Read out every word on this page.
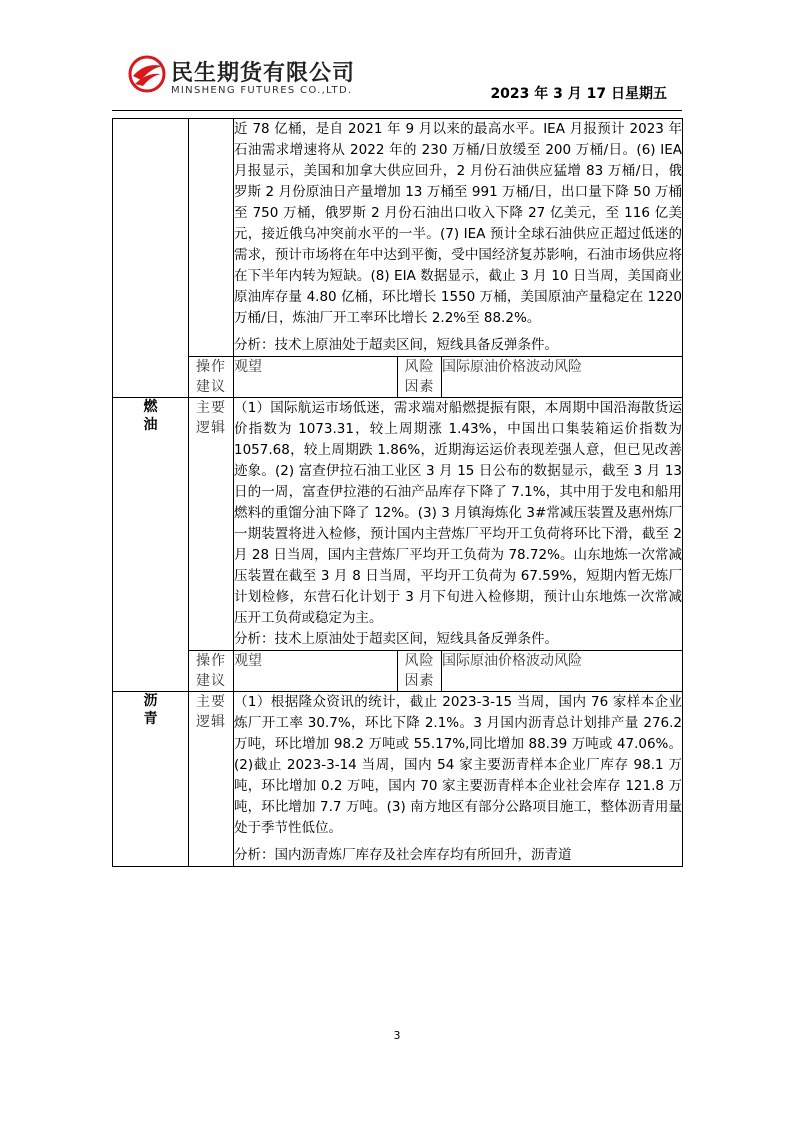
民生期货有限公司
MINSHENG FUTURES CO.,LTD.	2023 年 3 月 17 日星期五

		近 78 亿桶，是自 2021 年 9 月以来的最高水平。IEA 月报预计 2023 年石油需求增速将从 2022 年的 230 万桶/日放缓至 200 万桶/日。(6) IEA 月报显示，美国和加拿大供应回升，2 月份石油供应猛增 83 万桶/日，俄罗斯 2 月份原油日产量增加 13 万桶至 991 万桶/日，出口量下降 50 万桶至 750 万桶，俄罗斯 2 月份石油出口收入下降 27 亿美元，至 116 亿美元，接近俄乌冲突前水平的一半。(7) IEA 预计全球石油供应正超过低迷的需求，预计市场将在年中达到平衡，受中国经济复苏影响，石油市场供应将在下半年内转为短缺。(8) EIA 数据显示，截止 3 月 10 日当周，美国商业原油库存量 4.80 亿桶，环比增长 1550 万桶，美国原油产量稳定在 1220 万桶/日，炼油厂开工率环比增长 2.2%至 88.2%。

分析：技术上原油处于超卖区间，短线具备反弹条件。		

	操作建议	观望	风险因素	国际原油价格波动风险
燃油	主要逻辑	（1）国际航运市场低迷，需求端对船燃提振有限，本周期中国沿海散货运价指数为 1073.31，较上周期涨 1.43%，中国出口集装箱运价指数为 1057.68，较上周期跌 1.86%，近期海运运价表现差强人意，但已见改善迹象。(2) 富查伊拉石油工业区 3 月 15 日公布的数据显示，截至 3 月 13 日的一周，富查伊拉港的石油产品库存下降了 7.1%，其中用于发电和船用燃料的重馏分油下降了 12%。(3) 3 月镇海炼化 3#常减压装置及惠州炼厂一期装置将进入检修，预计国内主营炼厂平均开工负荷将环比下滑，截至 2 月 28 日当周，国内主营炼厂平均开工负荷为 78.72%。山东地炼一次常减压装置在截至 3 月 8 日当周，平均开工负荷为 67.59%，短期内暂无炼厂计划检修，东营石化计划于 3 月下旬进入检修期，预计山东地炼一次常减压开工负荷或稳定为主。

分析：技术上原油处于超卖区间，短线具备反弹条件。		

	操作建议	观望	风险因素	国际原油价格波动风险
沥青	主要逻辑	（1）根据隆众资讯的统计，截止 2023-3-15 当周，国内 76 家样本企业炼厂开工率 30.7%，环比下降 2.1%。3 月国内沥青总计划排产量 276.2 万吨，环比增加 98.2 万吨或 55.17%,同比增加 88.39 万吨或 47.06%。(2)截止 2023-3-14 当周，国内 54 家主要沥青样本企业厂库存 98.1 万吨，环比增加 0.2 万吨，国内 70 家主要沥青样本企业社会库存 121.8 万吨，环比增加 7.7 万吨。(3) 南方地区有部分公路项目施工，整体沥青用量处于季节性低位。

分析：国内沥青炼厂库存及社会库存均有所回升，沥青道		

3
